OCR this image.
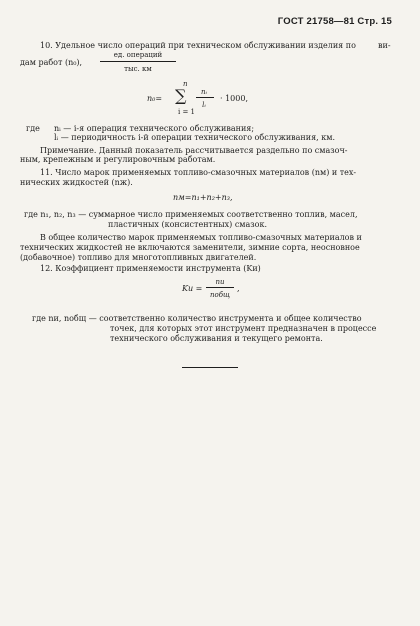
ГОСТ 21758—81 Стр. 15
10. Удельное число операций при техническом обслуживании изделия по	ви-
дам работ (n₀),
ед. операций
тыс. км
n₀=
n
∑
i = 1
nᵢ
lᵢ
· 1000,
где nᵢ — i-я операция технического обслуживания;
lᵢ — периодичность i-й операции технического обслуживания, км.
Примечание. Данный показатель рассчитывается раздельно по смазоч-
ным, крепежным и регулировочным работам.
11. Число марок применяемых топливо-смазочных материалов (nм) и тех-
нических жидкостей (nж).
nм=n₁+n₂+n₃,
где n₁, n₂, n₃ — суммарное число применяемых соответственно топлив, масел,
пластичных (консистентных) смазок.
В общее количество марок применяемых топливо-смазочных материалов и
технических жидкостей не включаются заменители, зимние сорта, неосновное
(добавочное) топливо для многотопливных двигателей.
12. Коэффициент применяемости инструмента (Kи)
Kи =
nи
nобщ
,
где nи, nобщ — соответственно количество инструмента и общее количество
точек, для которых этот инструмент предназначен в процессе
технического обслуживания и текущего ремонта.
